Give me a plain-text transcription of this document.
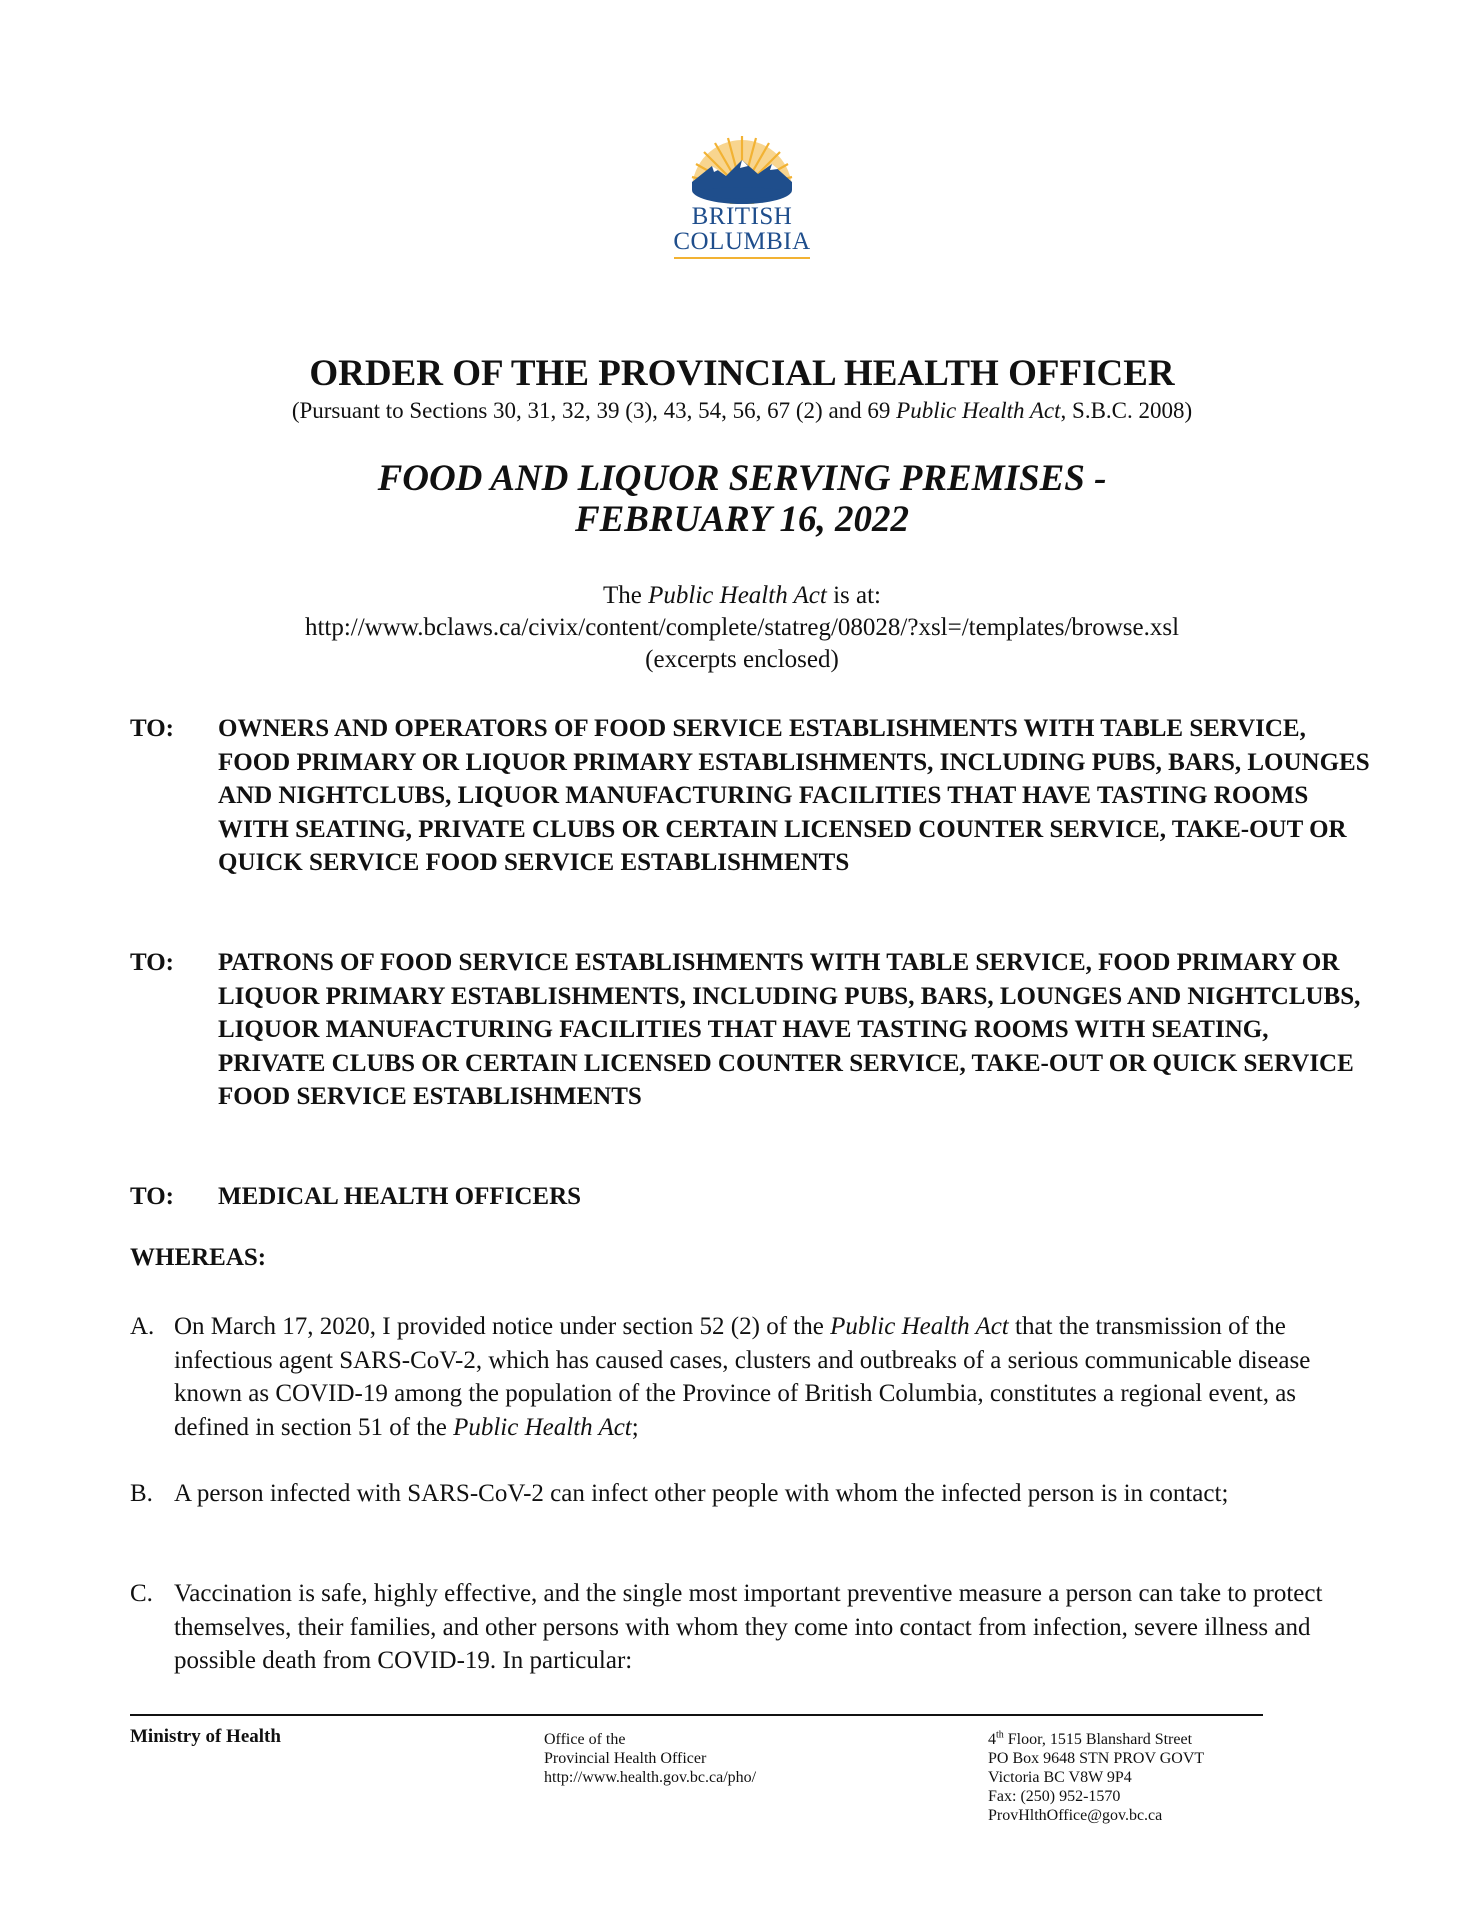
BRITISH
COLUMBIA
ORDER OF THE PROVINCIAL HEALTH OFFICER
(Pursuant to Sections 30, 31, 32, 39 (3), 43, 54, 56, 67 (2) and 69 Public Health Act, S.B.C. 2008)
FOOD AND LIQUOR SERVING PREMISES -
FEBRUARY 16, 2022
The Public Health Act is at:
http://www.bclaws.ca/civix/content/complete/statreg/08028/?xsl=/templates/browse.xsl
(excerpts enclosed)
TO: OWNERS AND OPERATORS OF FOOD SERVICE ESTABLISHMENTS WITH TABLE SERVICE, FOOD PRIMARY OR LIQUOR PRIMARY ESTABLISHMENTS, INCLUDING PUBS, BARS, LOUNGES AND NIGHTCLUBS, LIQUOR MANUFACTURING FACILITIES THAT HAVE TASTING ROOMS WITH SEATING, PRIVATE CLUBS OR CERTAIN LICENSED COUNTER SERVICE, TAKE-OUT OR QUICK SERVICE FOOD SERVICE ESTABLISHMENTS
TO: PATRONS OF FOOD SERVICE ESTABLISHMENTS WITH TABLE SERVICE, FOOD PRIMARY OR LIQUOR PRIMARY ESTABLISHMENTS, INCLUDING PUBS, BARS, LOUNGES AND NIGHTCLUBS, LIQUOR MANUFACTURING FACILITIES THAT HAVE TASTING ROOMS WITH SEATING, PRIVATE CLUBS OR CERTAIN LICENSED COUNTER SERVICE, TAKE-OUT OR QUICK SERVICE FOOD SERVICE ESTABLISHMENTS
TO: MEDICAL HEALTH OFFICERS
WHEREAS:
A. On March 17, 2020, I provided notice under section 52 (2) of the Public Health Act that the transmission of the infectious agent SARS-CoV-2, which has caused cases, clusters and outbreaks of a serious communicable disease known as COVID-19 among the population of the Province of British Columbia, constitutes a regional event, as defined in section 51 of the Public Health Act;
B. A person infected with SARS-CoV-2 can infect other people with whom the infected person is in contact;
C. Vaccination is safe, highly effective, and the single most important preventive measure a person can take to protect themselves, their families, and other persons with whom they come into contact from infection, severe illness and possible death from COVID-19. In particular:
Ministry of Health	Office of the
Provincial Health Officer
http://www.health.gov.bc.ca/pho/
4th Floor, 1515 Blanshard Street
PO Box 9648 STN PROV GOVT
Victoria BC V8W 9P4
Fax: (250) 952-1570
ProvHlthOffice@gov.bc.ca
